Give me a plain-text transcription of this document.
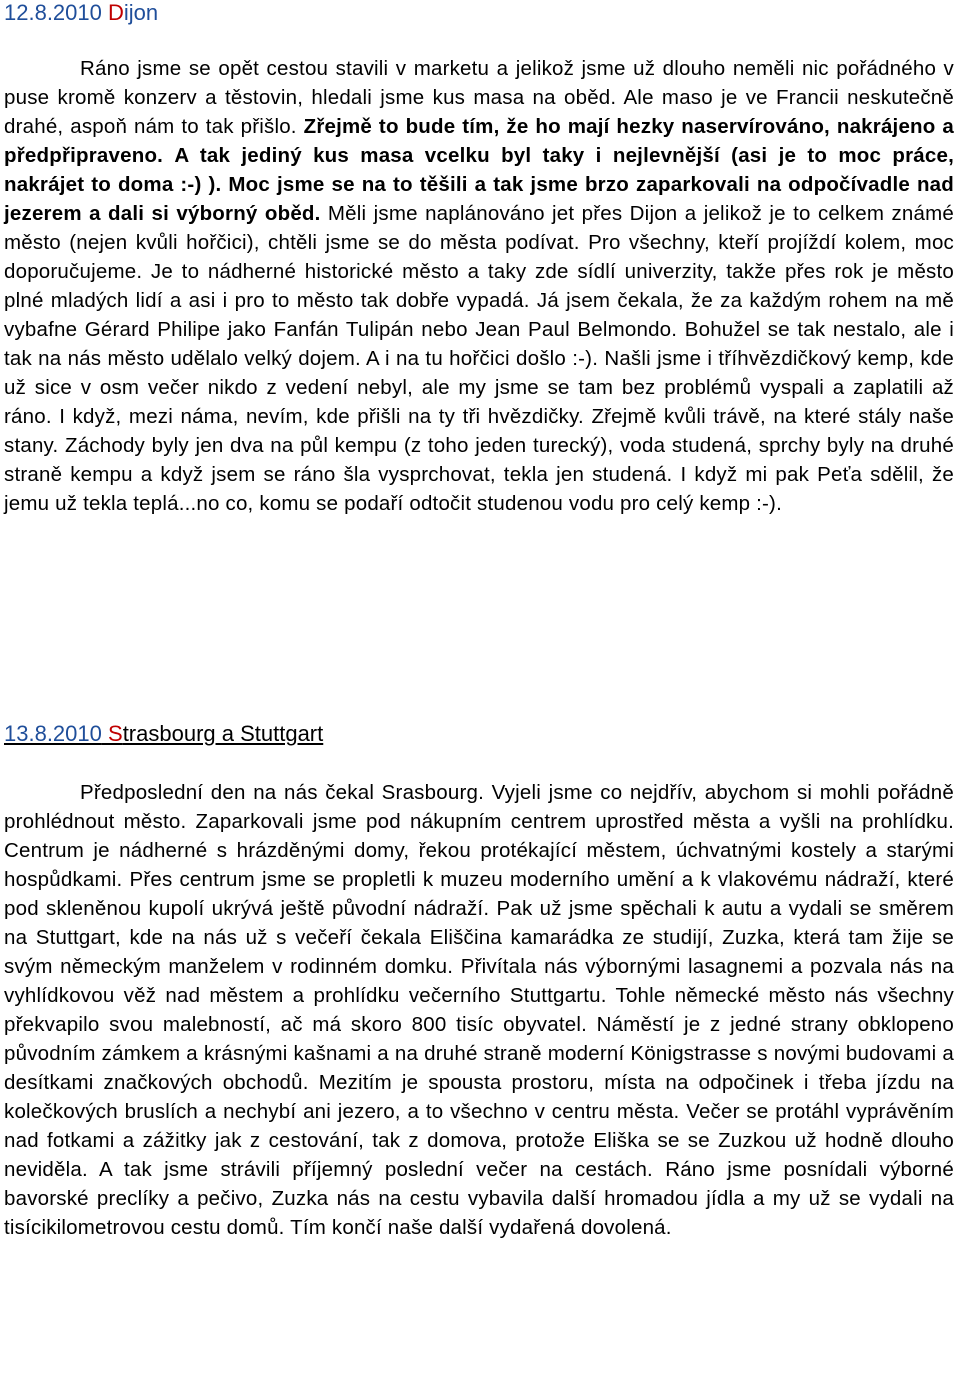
12.8.2010 Dijon
Ráno jsme se opět cestou stavili v marketu a jelikož jsme už dlouho neměli nic pořádného v puse kromě konzerv a těstovin, hledali jsme kus masa na oběd. Ale maso je ve Francii neskutečně drahé, aspoň nám to tak přišlo. Zřejmě to bude tím, že ho mají hezky naservírováno, nakrájeno a předpřipraveno. A tak jediný kus masa vcelku byl taky i nejlevnější (asi je to moc práce, nakrájet to doma :-) ). Moc jsme se na to těšili a tak jsme brzo zaparkovali na odpočívadle nad jezerem a dali si výborný oběd. Měli jsme naplánováno jet přes Dijon a jelikož je to celkem známé město (nejen kvůli hořčici), chtěli jsme se do města podívat. Pro všechny, kteří projíždí kolem, moc doporučujeme. Je to nádherné historické město a taky zde sídlí univerzity, takže přes rok je město plné mladých lidí a asi i pro to město tak dobře vypadá. Já jsem čekala, že za každým rohem na mě vybafne Gérard Philipe jako Fanfán Tulipán nebo Jean Paul Belmondo. Bohužel se tak nestalo, ale i tak na nás město udělalo velký dojem. A i na tu hořčici došlo :-). Našli jsme i tříhvězdičkový kemp, kde už sice v osm večer nikdo z vedení nebyl, ale my jsme se tam bez problémů vyspali a zaplatili až ráno. I když, mezi náma, nevím, kde přišli na ty tři hvězdičky. Zřejmě kvůli trávě, na které stály naše stany. Záchody byly jen dva na půl kempu (z toho jeden turecký), voda studená, sprchy byly na druhé straně kempu a když jsem se ráno šla vysprchovat, tekla jen studená. I když mi pak Peťa sdělil, že jemu už tekla teplá...no co, komu se podaří odtočit studenou vodu pro celý kemp :-).
13.8.2010 Strasbourg a Stuttgart
Předposlední den na nás čekal Srasbourg. Vyjeli jsme co nejdřív, abychom si mohli pořádně prohlédnout město. Zaparkovali jsme pod nákupním centrem uprostřed města a vyšli na prohlídku. Centrum je nádherné s hrázděnými domy, řekou protékající městem, úchvatnými kostely a starými hospůdkami. Přes centrum jsme se propletli k muzeu moderního umění a k vlakovému nádraží, které pod skleněnou kupolí ukrývá ještě původní nádraží. Pak už jsme spěchali k autu a vydali se směrem na Stuttgart, kde na nás už s večeří čekala Eliščina kamarádka ze studijí, Zuzka, která tam žije se svým německým manželem v rodinném domku. Přivítala nás výbornými lasagnemi a pozvala nás na vyhlídkovou věž nad městem a prohlídku večerního Stuttgartu. Tohle německé město nás všechny překvapilo svou malebností, ač má skoro 800 tisíc obyvatel. Náměstí je z jedné strany obklopeno původním zámkem a krásnými kašnami a na druhé straně moderní Königstrasse s novými budovami a desítkami značkových obchodů. Mezitím je spousta prostoru, místa na odpočinek i třeba jízdu na kolečkových bruslích a nechybí ani jezero, a to všechno v centru města. Večer se protáhl vyprávěním nad fotkami a zážitky jak z cestování, tak z domova, protože Eliška se se Zuzkou už hodně dlouho neviděla. A tak jsme strávili příjemný poslední večer na cestách. Ráno jsme posnídali výborné bavorské preclíky a pečivo, Zuzka nás na cestu vybavila další hromadou jídla a my už se vydali na tisícikilometrovou cestu domů. Tím končí naše další vydařená dovolená.
